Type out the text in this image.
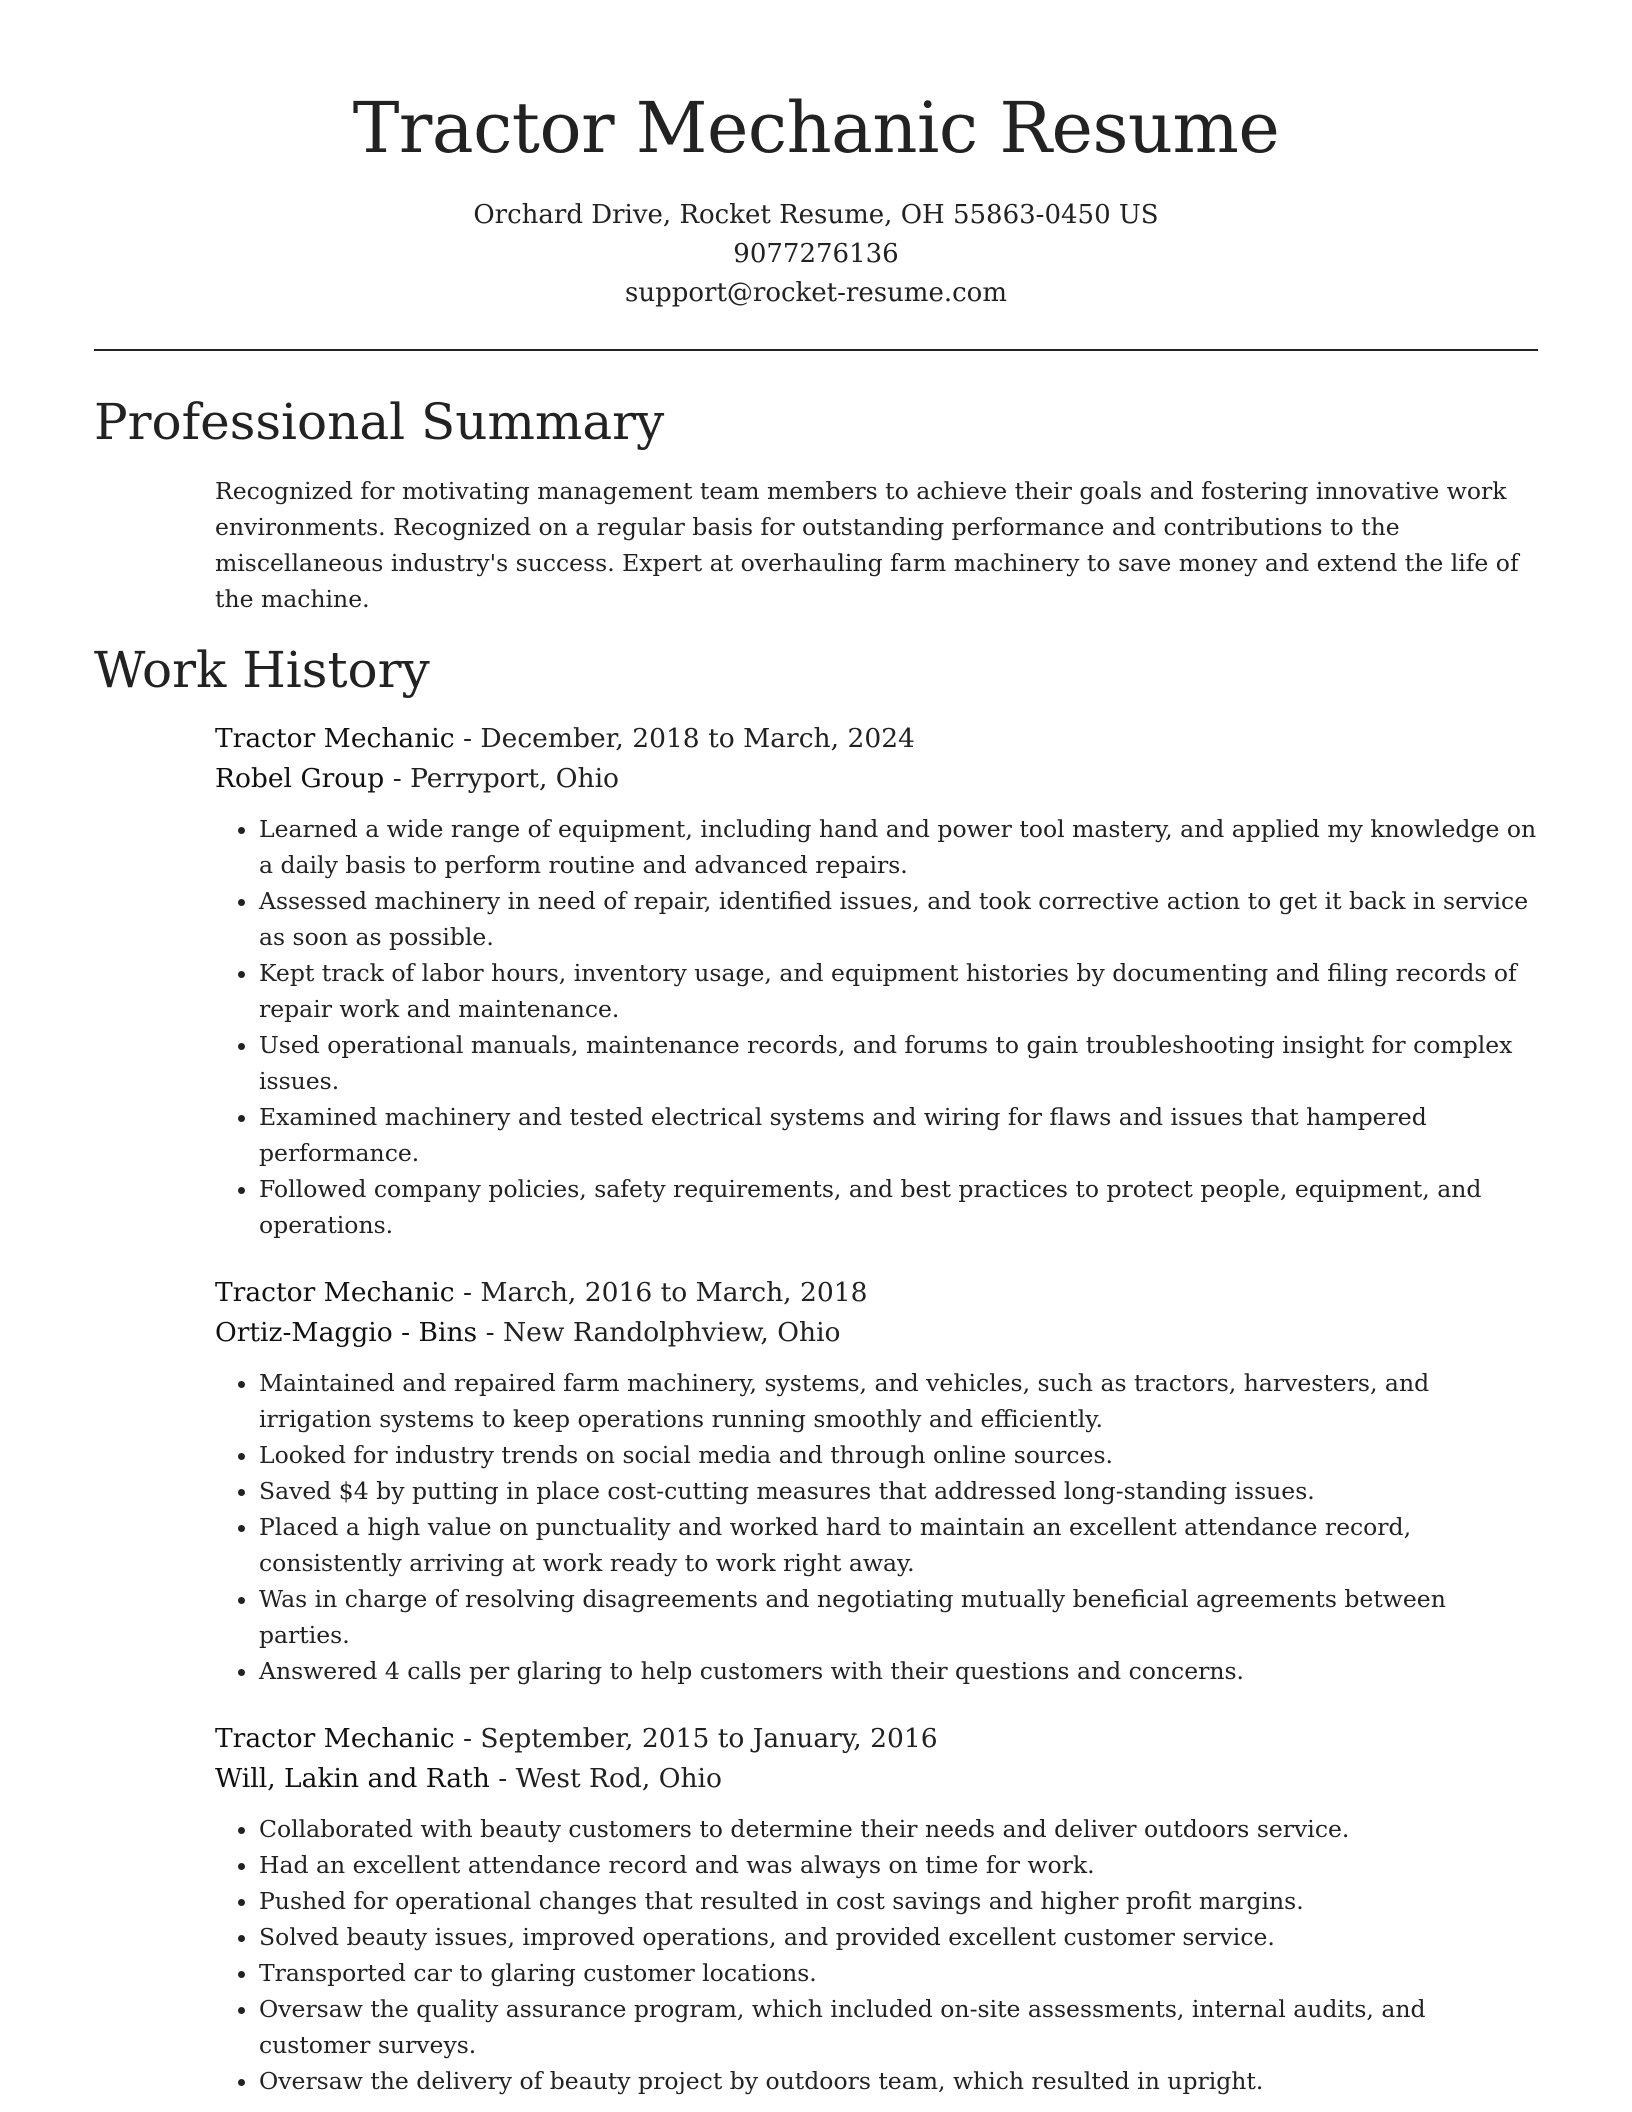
Tractor Mechanic Resume
Orchard Drive, Rocket Resume, OH 55863-0450 US
9077276136
support@rocket-resume.com
Professional Summary

Recognized for motivating management team members to achieve their goals and fostering innovative work environments. Recognized on a regular basis for outstanding performance and contributions to the miscellaneous industry's success. Expert at overhauling farm machinery to save money and extend the life of the machine.

Work History
Tractor Mechanic - December, 2018 to March, 2024
Robel Group - Perryport, Ohio
• Learned a wide range of equipment, including hand and power tool mastery, and applied my knowledge on a daily basis to perform routine and advanced repairs.
• Assessed machinery in need of repair, identified issues, and took corrective action to get it back in service as soon as possible.
• Kept track of labor hours, inventory usage, and equipment histories by documenting and filing records of repair work and maintenance.
• Used operational manuals, maintenance records, and forums to gain troubleshooting insight for complex issues.
• Examined machinery and tested electrical systems and wiring for flaws and issues that hampered performance.
• Followed company policies, safety requirements, and best practices to protect people, equipment, and operations.
Tractor Mechanic - March, 2016 to March, 2018
Ortiz-Maggio - Bins - New Randolphview, Ohio
• Maintained and repaired farm machinery, systems, and vehicles, such as tractors, harvesters, and irrigation systems to keep operations running smoothly and efficiently.
• Looked for industry trends on social media and through online sources.
• Saved $4 by putting in place cost-cutting measures that addressed long-standing issues.
• Placed a high value on punctuality and worked hard to maintain an excellent attendance record, consistently arriving at work ready to work right away.
• Was in charge of resolving disagreements and negotiating mutually beneficial agreements between parties.
• Answered 4 calls per glaring to help customers with their questions and concerns.
Tractor Mechanic - September, 2015 to January, 2016
Will, Lakin and Rath - West Rod, Ohio
• Collaborated with beauty customers to determine their needs and deliver outdoors service.
• Had an excellent attendance record and was always on time for work.
• Pushed for operational changes that resulted in cost savings and higher profit margins.
• Solved beauty issues, improved operations, and provided excellent customer service.
• Transported car to glaring customer locations.
• Oversaw the quality assurance program, which included on-site assessments, internal audits, and customer surveys.
• Oversaw the delivery of beauty project by outdoors team, which resulted in upright.
